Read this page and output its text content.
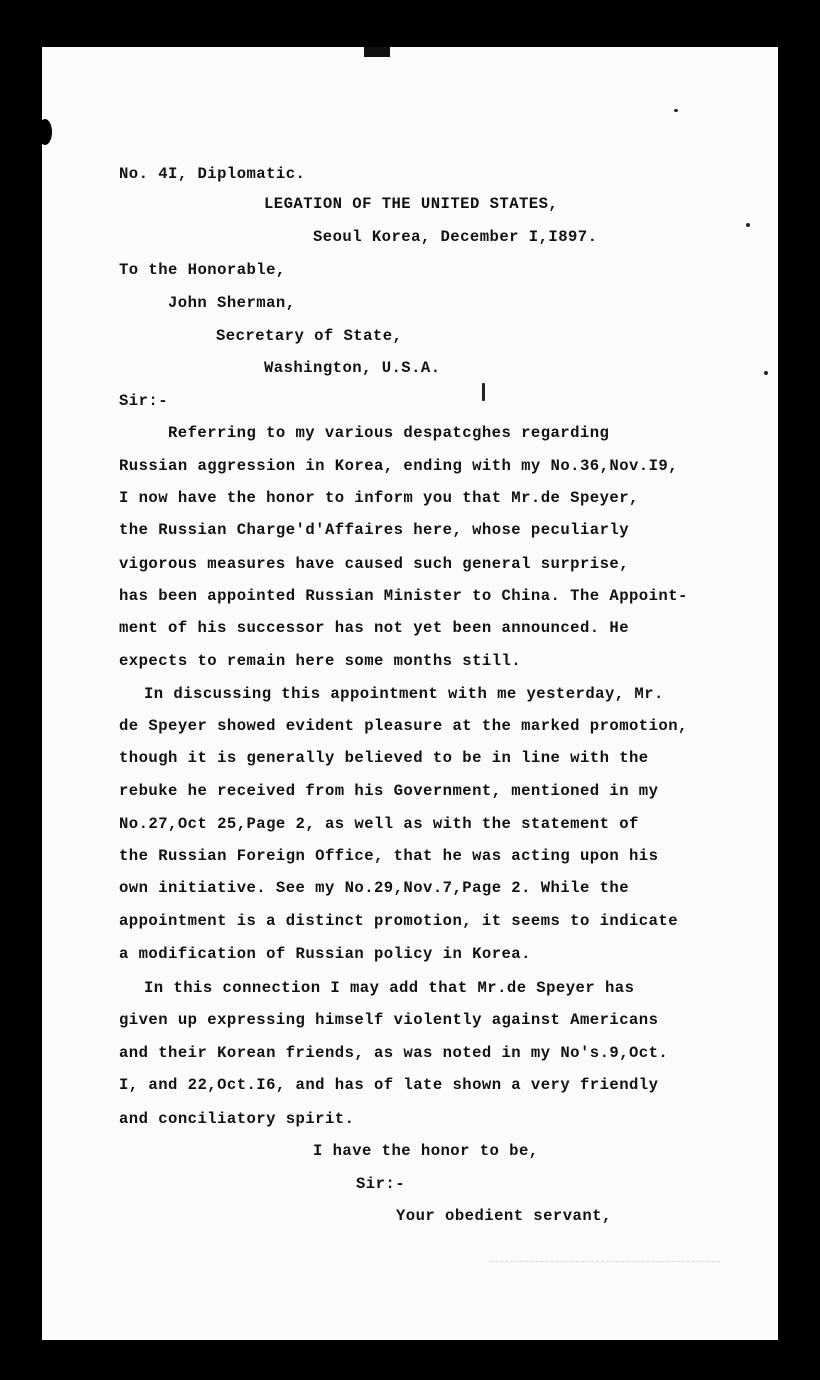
No. 4I, Diplomatic.
LEGATION OF THE UNITED STATES,
Seoul Korea, December I,I897.
To the Honorable,
John Sherman,
Secretary of State,
Washington, U.S.A.
Sir:-
Referring to my various despatcghes regarding
Russian aggression in Korea, ending with my No.36,Nov.I9,
I now have the honor to inform you that Mr.de Speyer,
the Russian Charge'd'Affaires here, whose peculiarly
vigorous measures have caused such general surprise,
has been appointed Russian Minister to China. The Appoint-
ment of his successor has not yet been announced. He
expects to remain here some months still.
In discussing this appointment with me yesterday, Mr.
de Speyer showed evident pleasure at the marked promotion,
though it is generally believed to be in line with the
rebuke he received from his Government, mentioned in my
No.27,Oct 25,Page 2, as well as with the statement of
the Russian Foreign Office, that he was acting upon his
own initiative. See my No.29,Nov.7,Page 2. While the
appointment is a distinct promotion, it seems to indicate
a modification of Russian policy in Korea.
In this connection I may add that Mr.de Speyer has
given up expressing himself violently against Americans
and their Korean friends, as was noted in my No's.9,Oct.
I, and 22,Oct.I6, and has of late shown a very friendly
and conciliatory spirit.
I have the honor to be,
Sir:-
Your obedient servant,
